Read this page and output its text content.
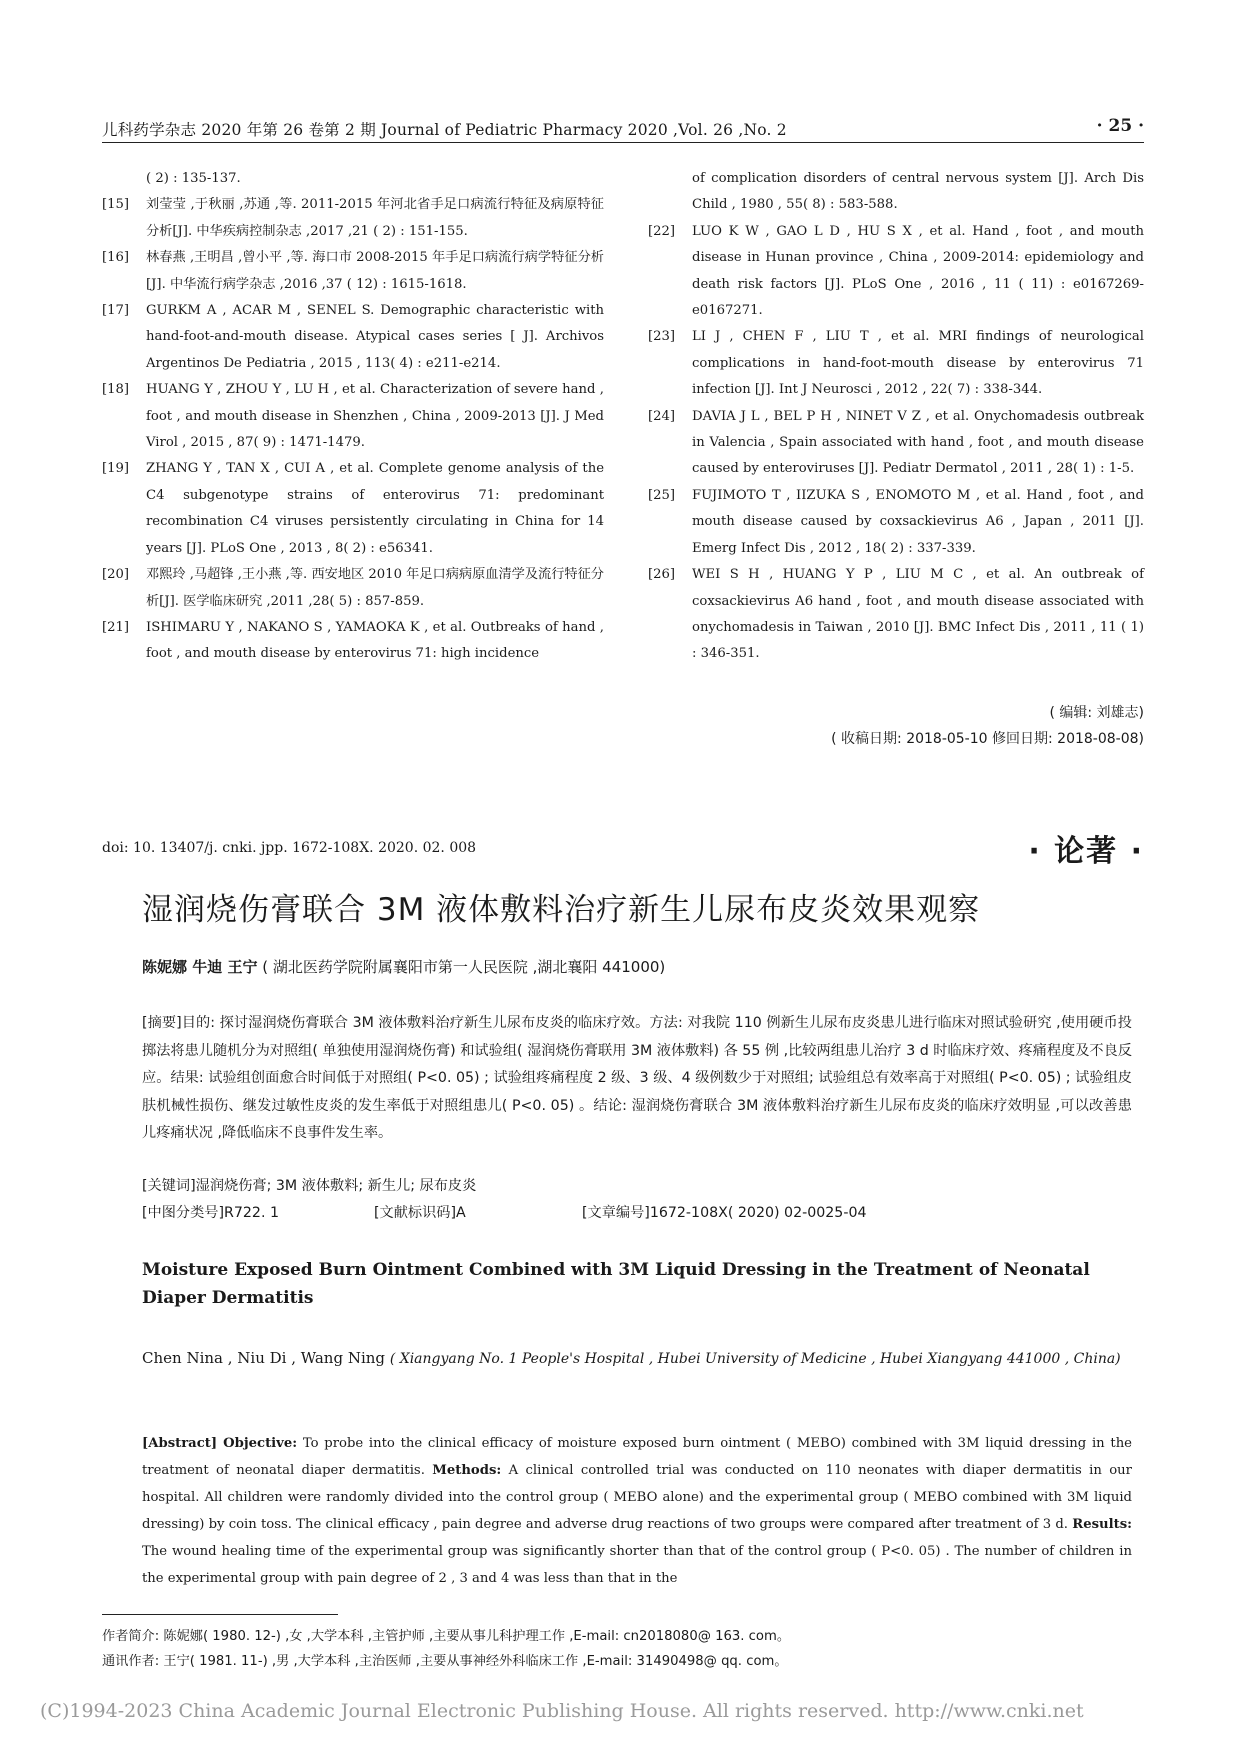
儿科药学杂志 2020 年第 26 卷第 2 期 Journal of Pediatric Pharmacy 2020 ,Vol. 26 ,No. 2	· 25 ·
( 2) : 135-137.
[15]	刘莹莹 ,于秋丽 ,苏通 ,等. 2011-2015 年河北省手足口病流行特征及病原特征分析[J]. 中华疾病控制杂志 ,2017 ,21 ( 2) : 151-155.
[16]	林春燕 ,王明昌 ,曾小平 ,等. 海口市 2008-2015 年手足口病流行病学特征分析[J]. 中华流行病学杂志 ,2016 ,37 ( 12) : 1615-1618.
[17]	GURKM A , ACAR M , SENEL S. Demographic characteristic with hand-foot-and-mouth disease. Atypical cases series [ J]. Archivos Argentinos De Pediatria , 2015 , 113( 4) : e211-e214.
[18]	HUANG Y , ZHOU Y , LU H , et al. Characterization of severe hand , foot , and mouth disease in Shenzhen , China , 2009-2013 [J]. J Med Virol , 2015 , 87( 9) : 1471-1479.
[19]	ZHANG Y , TAN X , CUI A , et al. Complete genome analysis of the C4 subgenotype strains of enterovirus 71: predominant recombination C4 viruses persistently circulating in China for 14 years [J]. PLoS One , 2013 , 8( 2) : e56341.
[20]	邓熙玲 ,马超锋 ,王小燕 ,等. 西安地区 2010 年足口病病原血清学及流行特征分析[J]. 医学临床研究 ,2011 ,28( 5) : 857-859.
[21]	ISHIMARU Y , NAKANO S , YAMAOKA K , et al. Outbreaks of hand , foot , and mouth disease by enterovirus 71: high incidence
of complication disorders of central nervous system [J]. Arch Dis Child , 1980 , 55( 8) : 583-588.
[22]	LUO K W , GAO L D , HU S X , et al. Hand , foot , and mouth disease in Hunan province , China , 2009-2014: epidemiology and death risk factors [J]. PLoS One , 2016 , 11 ( 11) : e0167269-e0167271.
[23]	LI J , CHEN F , LIU T , et al. MRI findings of neurological complications in hand-foot-mouth disease by enterovirus 71 infection [J]. Int J Neurosci , 2012 , 22( 7) : 338-344.
[24]	DAVIA J L , BEL P H , NINET V Z , et al. Onychomadesis outbreak in Valencia , Spain associated with hand , foot , and mouth disease caused by enteroviruses [J]. Pediatr Dermatol , 2011 , 28( 1) : 1-5.
[25]	FUJIMOTO T , IIZUKA S , ENOMOTO M , et al. Hand , foot , and mouth disease caused by coxsackievirus A6 , Japan , 2011 [J]. Emerg Infect Dis , 2012 , 18( 2) : 337-339.
[26]	WEI S H , HUANG Y P , LIU M C , et al. An outbreak of coxsackievirus A6 hand , foot , and mouth disease associated with onychomadesis in Taiwan , 2010 [J]. BMC Infect Dis , 2011 , 11 ( 1) : 346-351.
( 编辑: 刘雄志)
( 收稿日期: 2018-05-10 修回日期: 2018-08-08)
doi: 10. 13407/j. cnki. jpp. 1672-108X. 2020. 02. 008	· 论著 ·
湿润烧伤膏联合 3M 液体敷料治疗新生儿尿布皮炎效果观察
陈妮娜 牛迪 王宁 ( 湖北医药学院附属襄阳市第一人民医院 ,湖北襄阳 441000)
[摘要]目的: 探讨湿润烧伤膏联合 3M 液体敷料治疗新生儿尿布皮炎的临床疗效。方法: 对我院 110 例新生儿尿布皮炎患儿进行临床对照试验研究 ,使用硬币投掷法将患儿随机分为对照组( 单独使用湿润烧伤膏) 和试验组( 湿润烧伤膏联用 3M 液体敷料) 各 55 例 ,比较两组患儿治疗 3 d 时临床疗效、疼痛程度及不良反应。结果: 试验组创面愈合时间低于对照组( P<0. 05) ; 试验组疼痛程度 2 级、3 级、4 级例数少于对照组; 试验组总有效率高于对照组( P<0. 05) ; 试验组皮肤机械性损伤、继发过敏性皮炎的发生率低于对照组患儿( P<0. 05) 。结论: 湿润烧伤膏联合 3M 液体敷料治疗新生儿尿布皮炎的临床疗效明显 ,可以改善患儿疼痛状况 ,降低临床不良事件发生率。
[关键词]湿润烧伤膏; 3M 液体敷料; 新生儿; 尿布皮炎
[中图分类号]R722. 1	[文献标识码]A	[文章编号]1672-108X( 2020) 02-0025-04
Moisture Exposed Burn Ointment Combined with 3M Liquid Dressing in the Treatment of Neonatal Diaper Dermatitis
Chen Nina , Niu Di , Wang Ning ( Xiangyang No. 1 People's Hospital , Hubei University of Medicine , Hubei Xiangyang 441000 , China)
[Abstract] Objective: To probe into the clinical efficacy of moisture exposed burn ointment ( MEBO) combined with 3M liquid dressing in the treatment of neonatal diaper dermatitis. Methods: A clinical controlled trial was conducted on 110 neonates with diaper dermatitis in our hospital. All children were randomly divided into the control group ( MEBO alone) and the experimental group ( MEBO combined with 3M liquid dressing) by coin toss. The clinical efficacy , pain degree and adverse drug reactions of two groups were compared after treatment of 3 d. Results: The wound healing time of the experimental group was significantly shorter than that of the control group ( P<0. 05) . The number of children in the experimental group with pain degree of 2 , 3 and 4 was less than that in the
作者简介: 陈妮娜( 1980. 12-) ,女 ,大学本科 ,主管护师 ,主要从事儿科护理工作 ,E-mail: cn2018080@ 163. com。
通讯作者: 王宁( 1981. 11-) ,男 ,大学本科 ,主治医师 ,主要从事神经外科临床工作 ,E-mail: 31490498@ qq. com。
(C)1994-2023 China Academic Journal Electronic Publishing House. All rights reserved. http://www.cnki.net
